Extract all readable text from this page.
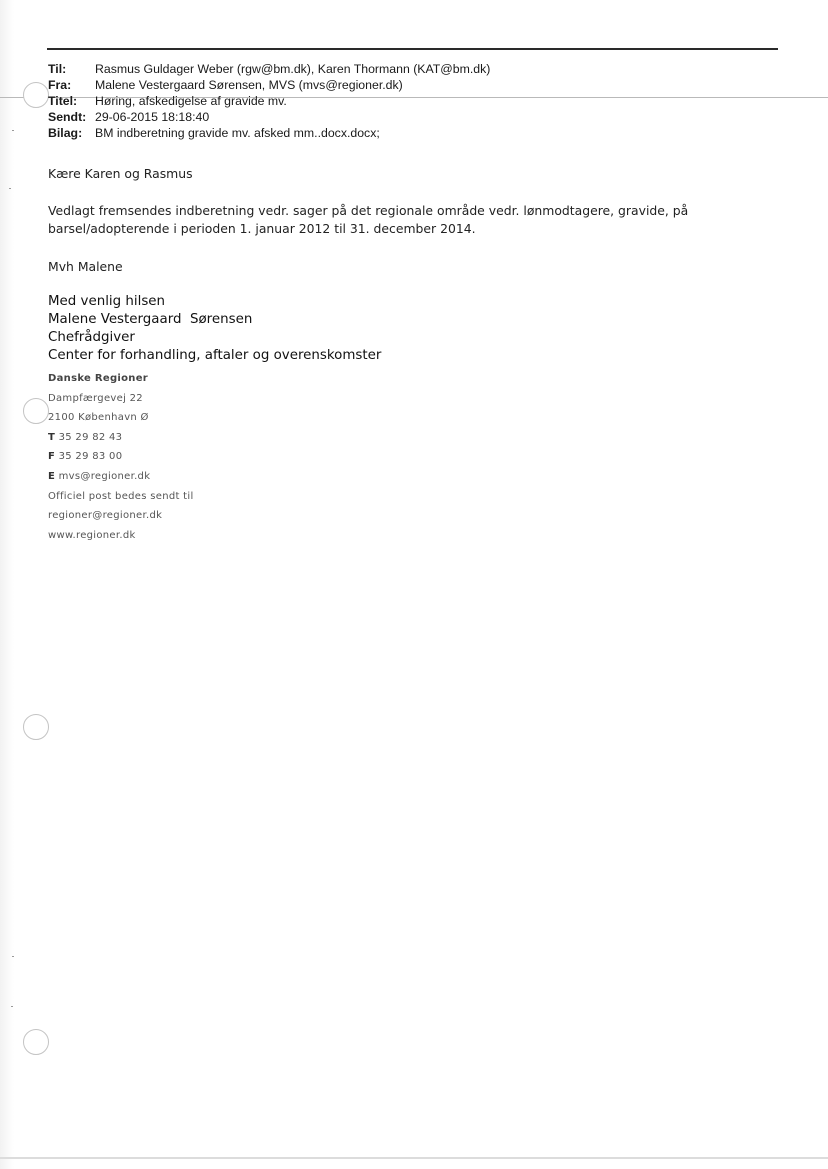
Til:	Rasmus Guldager Weber (rgw@bm.dk), Karen Thormann (KAT@bm.dk)
Fra:	Malene Vestergaard Sørensen, MVS (mvs@regioner.dk)
Titel:	Høring, afskedigelse af gravide mv.
Sendt: 29-06-2015 18:18:40
Bilag:	BM indberetning gravide mv. afsked mm..docx.docx;
Kære Karen og Rasmus
Vedlagt fremsendes indberetning vedr. sager på det regionale område vedr. lønmodtagere, gravide, på
barsel/adopterende i perioden 1. januar 2012 til 31. december 2014.
Mvh Malene
Med venlig hilsen
Malene Vestergaard  Sørensen
Chefrådgiver
Center for forhandling, aftaler og overenskomster
Danske Regioner
Dampfærgevej 22
2100 København Ø
T 35 29 82 43
F 35 29 83 00
E mvs@regioner.dk
Officiel post bedes sendt til
regioner@regioner.dk
www.regioner.dk
